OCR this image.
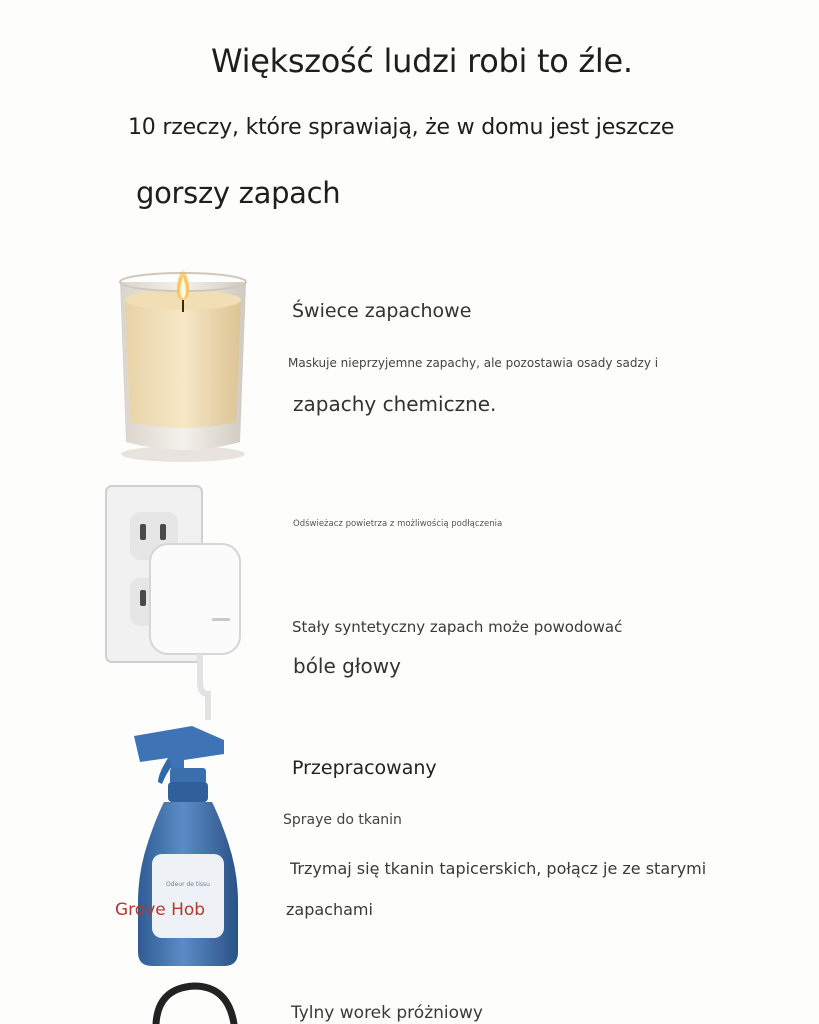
Większość ludzi robi to źle.
10 rzeczy, które sprawiają, że w domu jest jeszcze
gorszy zapach
Świece zapachowe
Maskuje nieprzyjemne zapachy, ale pozostawia osady sadzy i
zapachy chemiczne.
Odświeżacz powietrza z możliwością podłączenia
Stały syntetyczny zapach może powodować
bóle głowy
Odeur de tissu
Grove Hob
Przepracowany
Spraye do tkanin
Trzymaj się tkanin tapicerskich, połącz je ze starymi
zapachami
Tylny worek próżniowy
